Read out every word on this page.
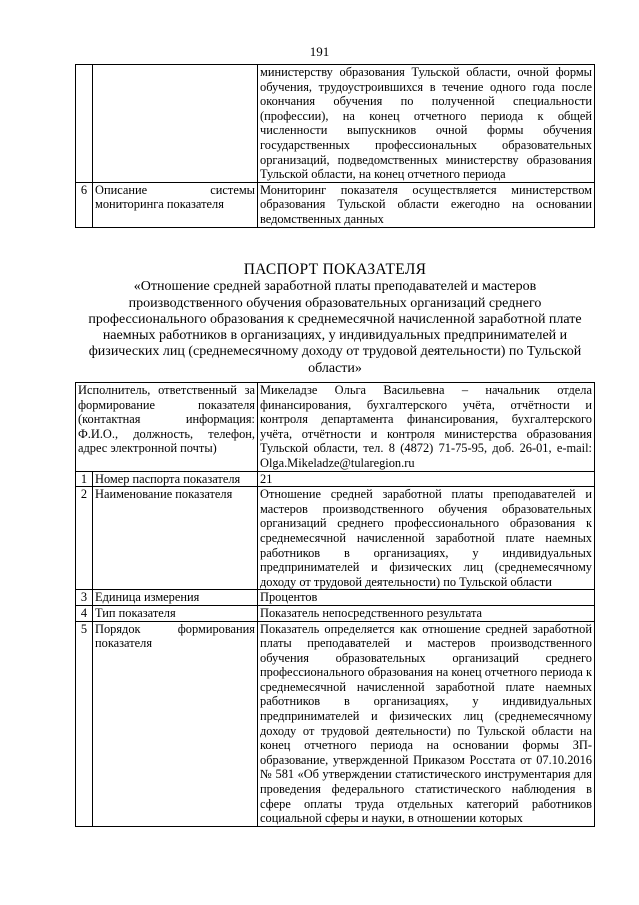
191
		министерству образования Тульской области, очной формы обучения, трудоустроившихся в течение одного года после окончания обучения по полученной специальности (профессии), на конец отчетного периода к общей численности выпускников очной формы обучения государственных профессиональных образовательных организаций, подведомственных министерству образования Тульской области, на конец отчетного периода
6	Описание системы мониторинга показателя	Мониторинг показателя осуществляется министерством образования Тульской области ежегодно на основании ведомственных данных
ПАСПОРТ ПОКАЗАТЕЛЯ
«Отношение средней заработной платы преподавателей и мастеров производственного обучения образовательных организаций среднего профессионального образования к среднемесячной начисленной заработной плате наемных работников в организациях, у индивидуальных предпринимателей и физических лиц (среднемесячному доходу от трудовой деятельности) по Тульской области»
Исполнитель, ответственный за формирование показателя (контактная информация: Ф.И.О., должность, телефон, адрес электронной почты)		Микеладзе Ольга Васильевна – начальник отдела финансирования, бухгалтерского учёта, отчётности и контроля департамента финансирования, бухгалтерского учёта, отчётности и контроля министерства образования Тульской области, тел. 8 (4872) 71-75-95, доб. 26-01, e-mail: Olga.Mikeladze@tularegion.ru
1	Номер паспорта показателя	21
2	Наименование показателя	Отношение средней заработной платы преподавателей и мастеров производственного обучения образовательных организаций среднего профессионального образования к среднемесячной начисленной заработной плате наемных работников в организациях, у индивидуальных предпринимателей и физических лиц (среднемесячному доходу от трудовой деятельности) по Тульской области
3	Единица измерения	Процентов
4	Тип показателя	Показатель непосредственного результата
5	Порядок формирования показателя	Показатель определяется как отношение средней заработной платы преподавателей и мастеров производственного обучения образовательных организаций среднего профессионального образования на конец отчетного периода к среднемесячной начисленной заработной плате наемных работников в организациях, у индивидуальных предпринимателей и физических лиц (среднемесячному доходу от трудовой деятельности) по Тульской области на конец отчетного периода на основании формы ЗП-образование, утвержденной Приказом Росстата от 07.10.2016 № 581 «Об утверждении статистического инструментария для проведения федерального статистического наблюдения в сфере оплаты труда отдельных категорий работников социальной сферы и науки, в отношении которых
